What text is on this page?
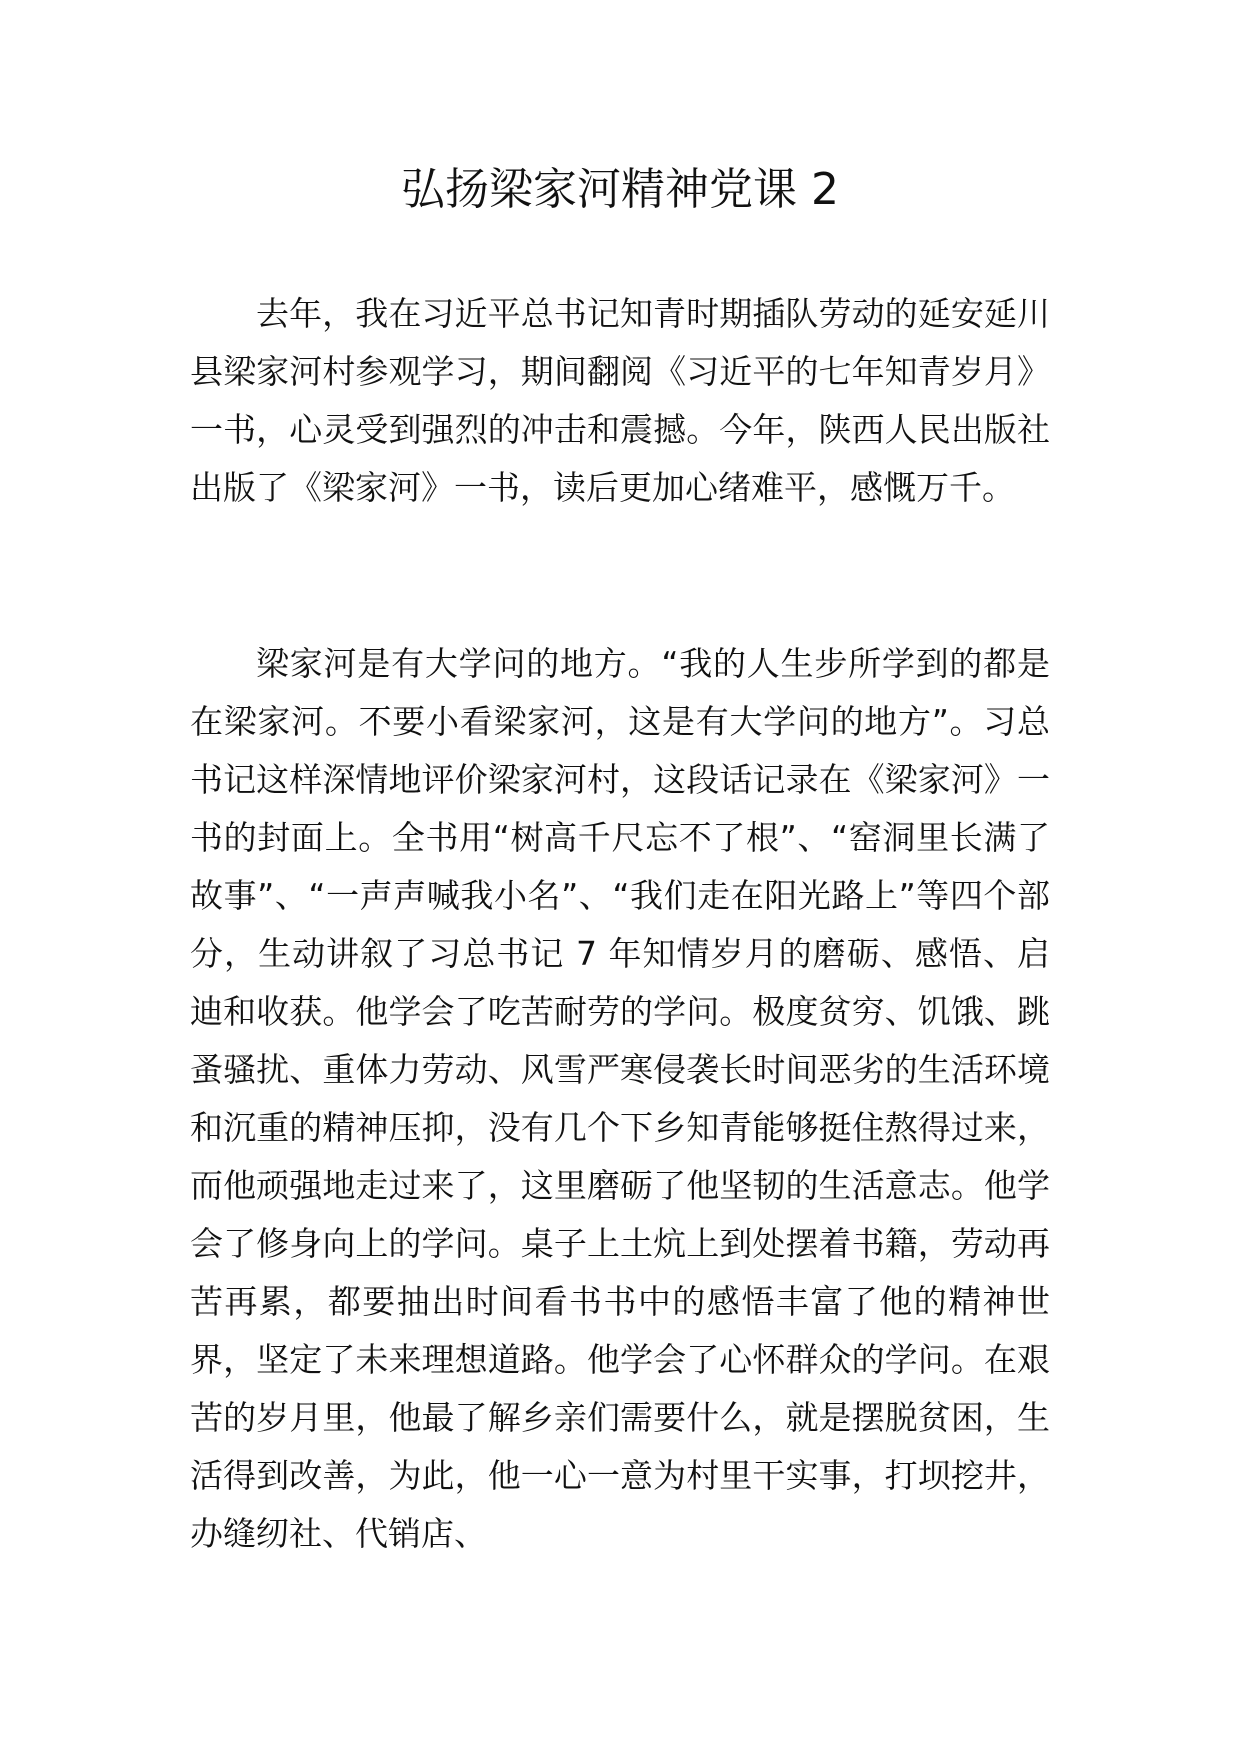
弘扬梁家河精神党课 2

去年，我在习近平总书记知青时期插队劳动的延安延川县梁家河村参观学习，期间翻阅《习近平的七年知青岁月》一书，心灵受到强烈的冲击和震撼。今年，陕西人民出版社出版了《梁家河》一书，读后更加心绪难平，感慨万千。

梁家河是有大学问的地方。“我的人生步所学到的都是在梁家河。不要小看梁家河，这是有大学问的地方”。习总书记这样深情地评价梁家河村，这段话记录在《梁家河》一书的封面上。全书用“树高千尺忘不了根”、“窑洞里长满了故事”、“一声声喊我小名”、“我们走在阳光路上”等四个部分，生动讲叙了习总书记 7 年知情岁月的磨砺、感悟、启迪和收获。他学会了吃苦耐劳的学问。极度贫穷、饥饿、跳蚤骚扰、重体力劳动、风雪严寒侵袭长时间恶劣的生活环境和沉重的精神压抑，没有几个下乡知青能够挺住熬得过来，而他顽强地走过来了，这里磨砺了他坚韧的生活意志。他学会了修身向上的学问。桌子上土炕上到处摆着书籍，劳动再苦再累，都要抽出时间看书书中的感悟丰富了他的精神世界，坚定了未来理想道路。他学会了心怀群众的学问。在艰苦的岁月里，他最了解乡亲们需要什么，就是摆脱贫困，生活得到改善，为此，他一心一意为村里干实事，打坝挖井，办缝纫社、代销店、
